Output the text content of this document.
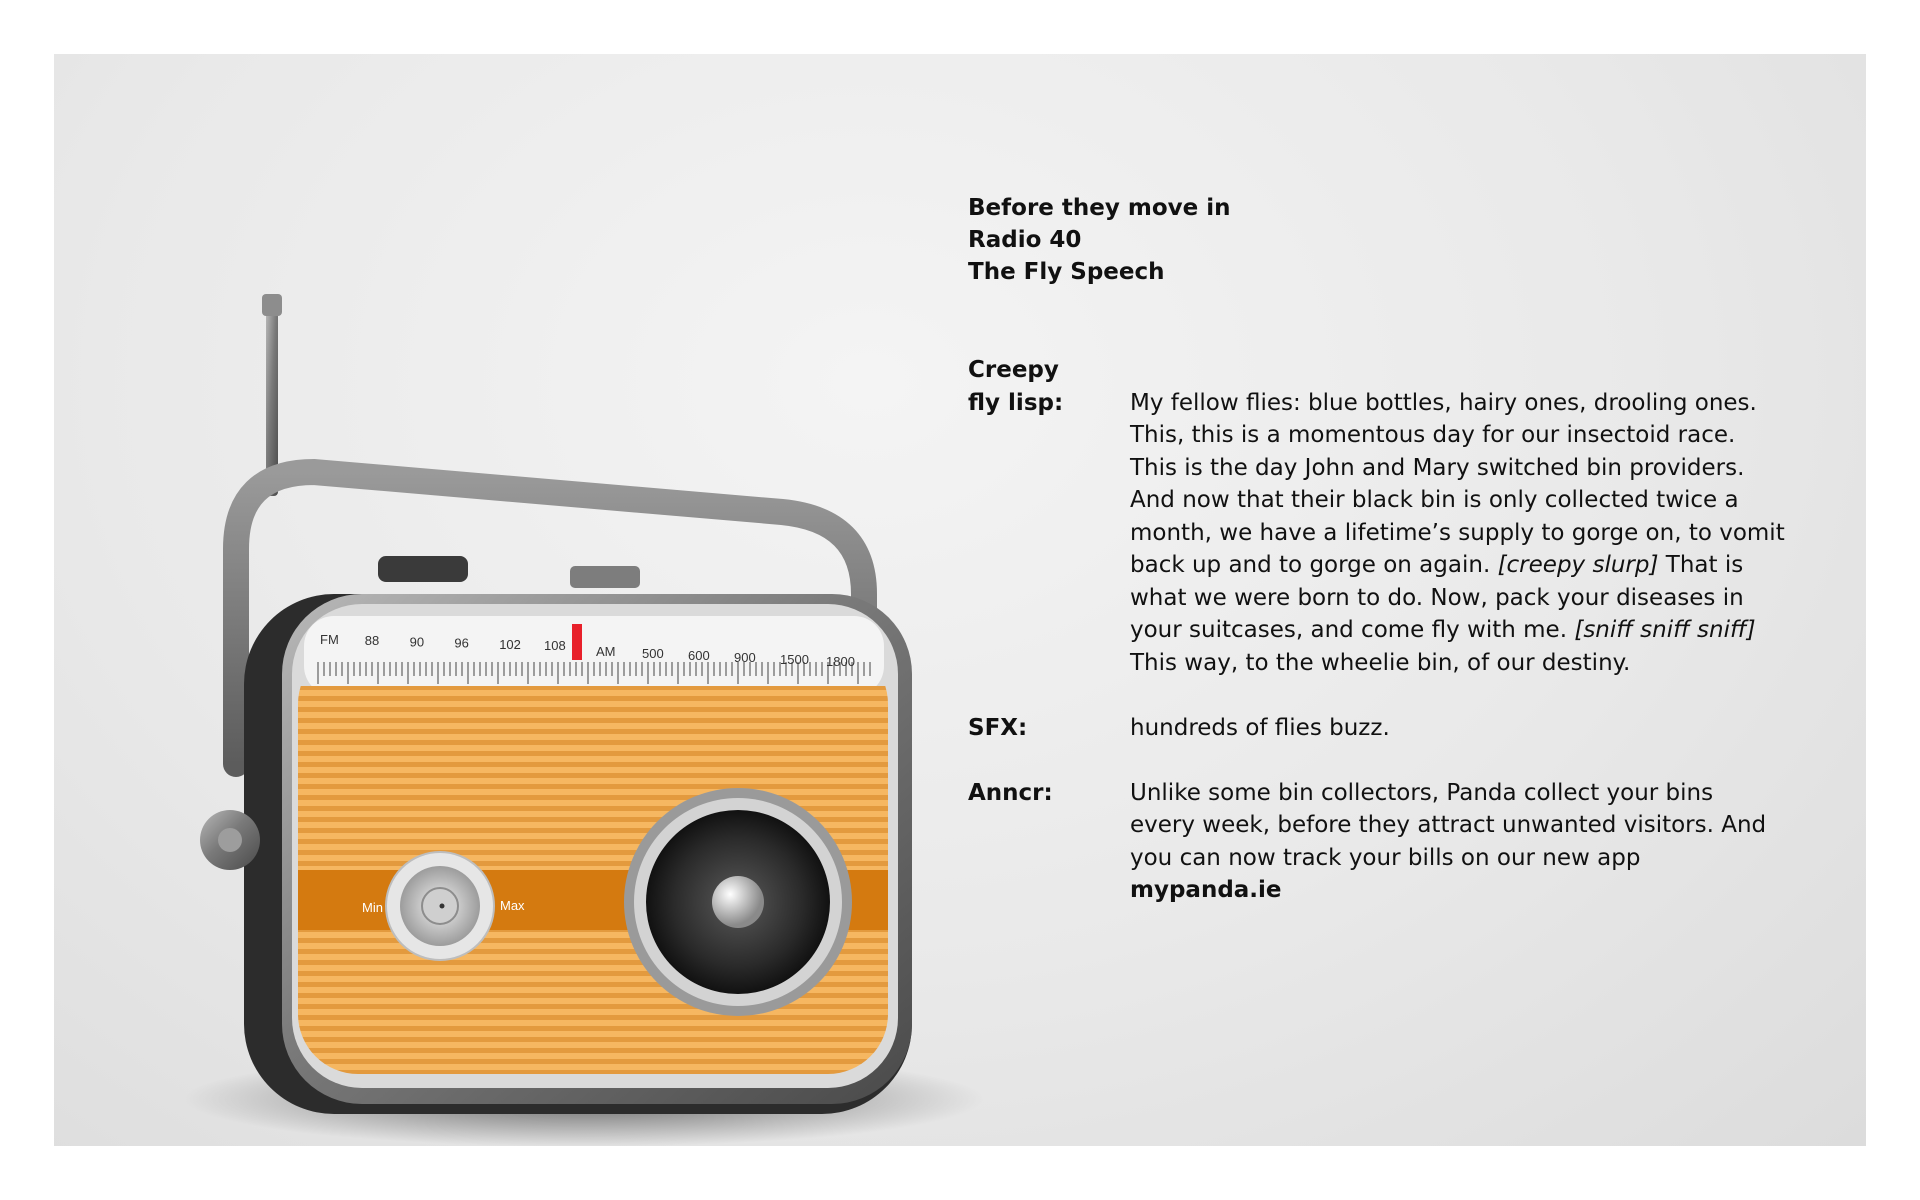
FM 88 90 96 102 108 AM 500 600 900 1500 1800
Min	Max
Before they move in
Radio 40
The Fly Speech
Creepy
fly lisp:	My fellow flies: blue bottles, hairy ones, drooling ones.
This, this is a momentous day for our insectoid race.
This is the day John and Mary switched bin providers.
And now that their black bin is only collected twice a
month, we have a lifetime’s supply to gorge on, to vomit
back up and to gorge on again. [creepy slurp] That is
what we were born to do. Now, pack your diseases in
your suitcases, and come fly with me. [sniff sniff sniff]
This way, to the wheelie bin, of our destiny.
SFX:	hundreds of flies buzz.
Anncr:	Unlike some bin collectors, Panda collect your bins
every week, before they attract unwanted visitors. And
you can now track your bills on our new app
mypanda.ie
